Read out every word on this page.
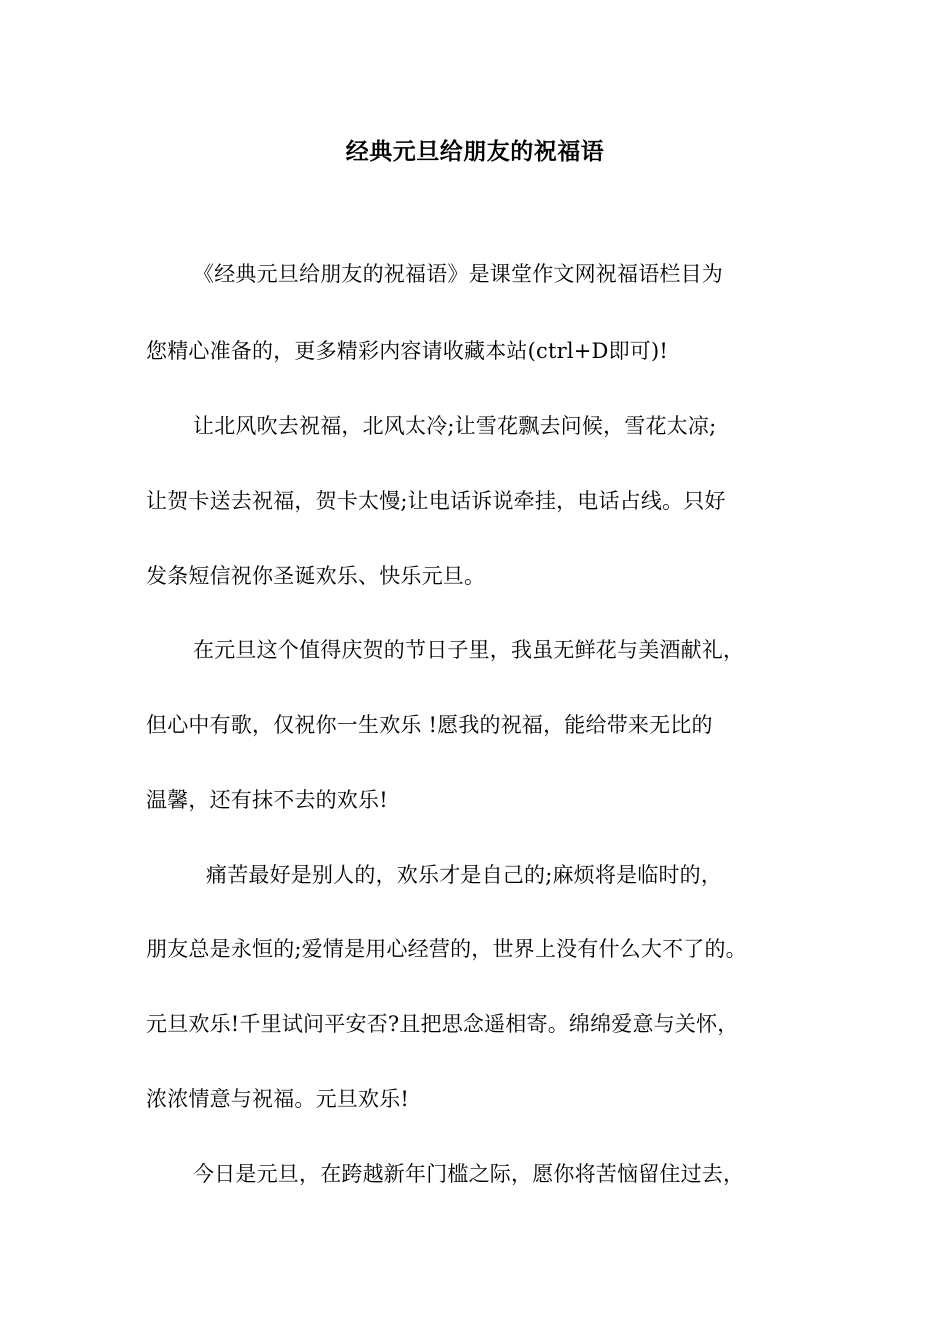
经典元旦给朋友的祝福语
《经典元旦给朋友的祝福语》是课堂作文网祝福语栏目为
您精心准备的，更多精彩内容请收藏本站(ctrl+D即可)!
让北风吹去祝福，北风太冷;让雪花飘去问候，雪花太凉;
让贺卡送去祝福，贺卡太慢;让电话诉说牵挂，电话占线。只好
发条短信祝你圣诞欢乐、快乐元旦。
在元旦这个值得庆贺的节日子里，我虽无鲜花与美酒献礼，
但心中有歌，仅祝你一生欢乐 !愿我的祝福，能给带来无比的
温馨，还有抹不去的欢乐!
痛苦最好是别人的，欢乐才是自己的;麻烦将是临时的，
朋友总是永恒的;爱情是用心经营的，世界上没有什么大不了的。
元旦欢乐!千里试问平安否?且把思念遥相寄。绵绵爱意与关怀，
浓浓情意与祝福。元旦欢乐!
今日是元旦，在跨越新年门槛之际，愿你将苦恼留住过去，
